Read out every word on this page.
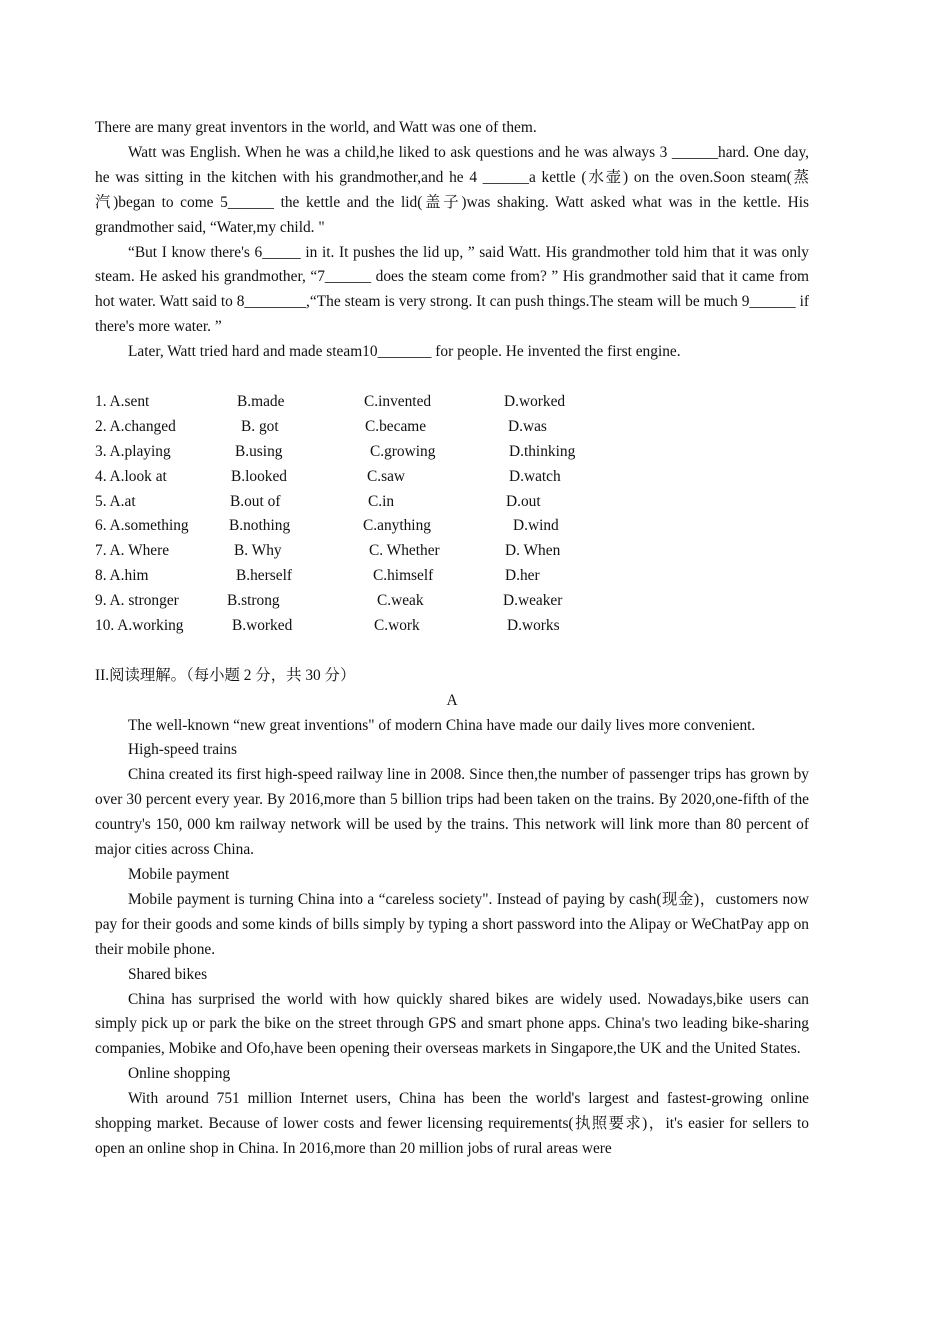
There are many great inventors in the world, and Watt was one of them.

Watt was English. When he was a child,he liked to ask questions and he was always 3 ______hard. One day, he was sitting in the kitchen with his grandmother,and he 4 ______a kettle (水壶) on the oven.Soon steam(蒸汽)began to come 5______ the kettle and the lid(盖子)was shaking. Watt asked what was in the kettle. His grandmother said, “Water,my child. "

“But I know there's 6_____ in it. It pushes the lid up, ” said Watt. His grandmother told him that it was only steam. He asked his grandmother, “7______ does the steam come from? ” His grandmother said that it came from hot water. Watt said to 8________,“The steam is very strong. It can push things.The steam will be much 9______ if there's more water. ”

Later, Watt tried hard and made steam10_______ for people. He invented the first engine.

1. A.sent	B.made	C.invented	D.worked
2. A.changed	B. got	C.became	D.was
3. A.playing	B.using	C.growing	D.thinking
4. A.look at	B.looked	C.saw	D.watch
5. A.at	B.out of	C.in	D.out
6. A.something	B.nothing	C.anything	D.wind
7. A. Where	B. Why	C. Whether	D. When
8. A.him	B.herself	C.himself	D.her
9. A. stronger	B.strong	C.weak	D.weaker
10. A.working	B.worked	C.work	D.works

II.阅读理解。（每小题 2 分，共 30 分）

A

The well-known “new great inventions" of modern China have made our daily lives more convenient.

High-speed trains

China created its first high-speed railway line in 2008. Since then,the number of passenger trips has grown by over 30 percent every year. By 2016,more than 5 billion trips had been taken on the trains. By 2020,one-fifth of the country's 150, 000 km railway network will be used by the trains. This network will link more than 80 percent of major cities across China.

Mobile payment

Mobile payment is turning China into a “careless society". Instead of paying by cash(现金)，customers now pay for their goods and some kinds of bills simply by typing a short password into the Alipay or WeChatPay app on their mobile phone.

Shared bikes

China has surprised the world with how quickly shared bikes are widely used. Nowadays,bike users can simply pick up or park the bike on the street through GPS and smart phone apps. China's two leading bike-sharing companies, Mobike and Ofo,have been opening their overseas markets in Singapore,the UK and the United States.

Online shopping

With around 751 million Internet users, China has been the world's largest and fastest-growing online shopping market. Because of lower costs and fewer licensing requirements(执照要求)，it's easier for sellers to open an online shop in China. In 2016,more than 20 million jobs of rural areas were
